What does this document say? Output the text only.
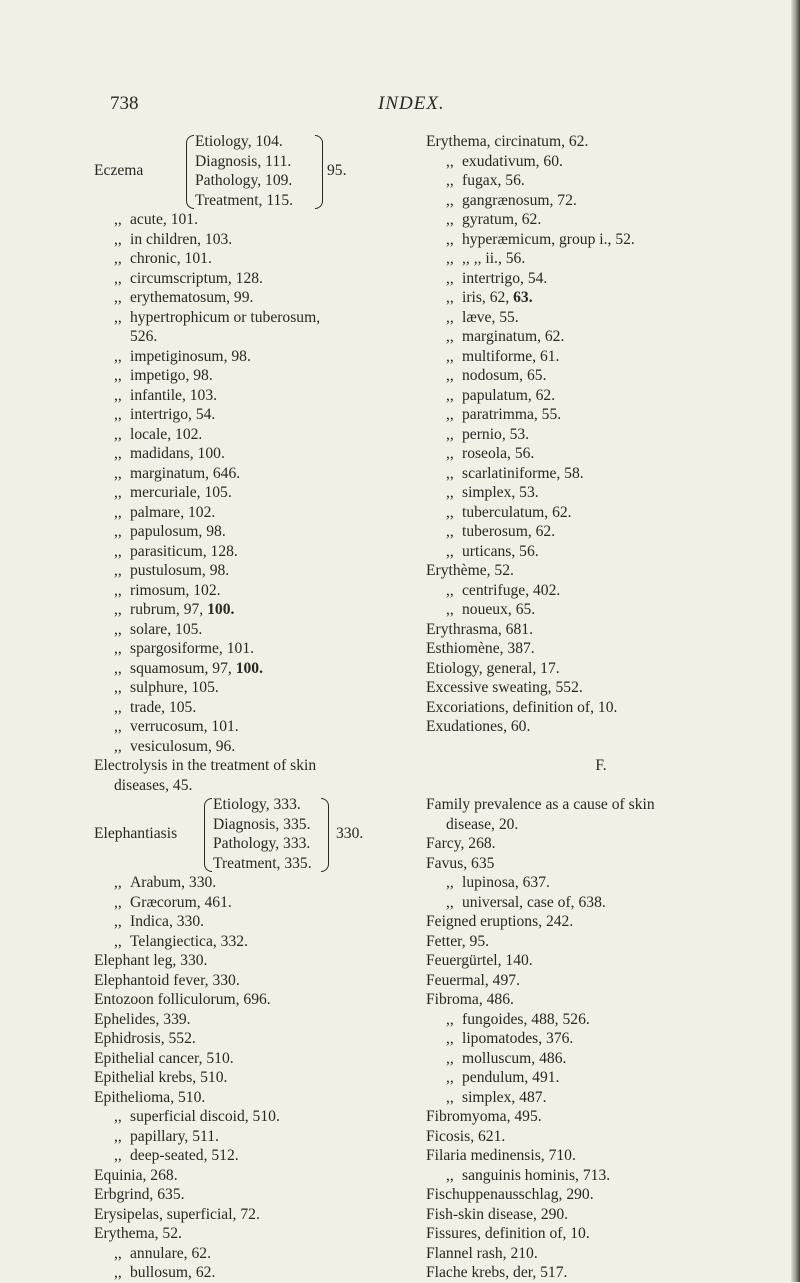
738	INDEX.
Eczema
Etiology, 104.
Diagnosis, 111.
Pathology, 109.
Treatment, 115.
95.
,, acute, 101.
,, in children, 103.
,, chronic, 101.
,, circumscriptum, 128.
,, erythematosum, 99.
,, hypertrophicum or tuberosum,
526.
,, impetiginosum, 98.
,, impetigo, 98.
,, infantile, 103.
,, intertrigo, 54.
,, locale, 102.
,, madidans, 100.
,, marginatum, 646.
,, mercuriale, 105.
,, palmare, 102.
,, papulosum, 98.
,, parasiticum, 128.
,, pustulosum, 98.
,, rimosum, 102.
,, rubrum, 97, 100.
,, solare, 105.
,, spargosiforme, 101.
,, squamosum, 97, 100.
,, sulphure, 105.
,, trade, 105.
,, verrucosum, 101.
,, vesiculosum, 96.
Electrolysis in the treatment of skin
diseases, 45.
Elephantiasis
Etiology, 333.
Diagnosis, 335.
Pathology, 333.
Treatment, 335.
330.
,, Arabum, 330.
,, Græcorum, 461.
,, Indica, 330.
,, Telangiectica, 332.
Elephant leg, 330.
Elephantoid fever, 330.
Entozoon folliculorum, 696.
Ephelides, 339.
Ephidrosis, 552.
Epithelial cancer, 510.
Epithelial krebs, 510.
Epithelioma, 510.
,, superficial discoid, 510.
,, papillary, 511.
,, deep-seated, 512.
Equinia, 268.
Erbgrind, 635.
Erysipelas, superficial, 72.
Erythema, 52.
,, annulare, 62.
,, bullosum, 62.
Erythema, circinatum, 62.
,, exudativum, 60.
,, fugax, 56.
,, gangrænosum, 72.
,, gyratum, 62.
,, hyperæmicum, group i., 52.
,, ,, ,, ii., 56.
,, intertrigo, 54.
,, iris, 62, 63.
,, læve, 55.
,, marginatum, 62.
,, multiforme, 61.
,, nodosum, 65.
,, papulatum, 62.
,, paratrimma, 55.
,, pernio, 53.
,, roseola, 56.
,, scarlatiniforme, 58.
,, simplex, 53.
,, tuberculatum, 62.
,, tuberosum, 62.
,, urticans, 56.
Erythème, 52.
,, centrifuge, 402.
,, noueux, 65.
Erythrasma, 681.
Esthiomène, 387.
Etiology, general, 17.
Excessive sweating, 552.
Excoriations, definition of, 10.
Exudationes, 60.
F.
Family prevalence as a cause of skin
disease, 20.
Farcy, 268.
Favus, 635
,, lupinosa, 637.
,, universal, case of, 638.
Feigned eruptions, 242.
Fetter, 95.
Feuergürtel, 140.
Feuermal, 497.
Fibroma, 486.
,, fungoides, 488, 526.
,, lipomatodes, 376.
,, molluscum, 486.
,, pendulum, 491.
,, simplex, 487.
Fibromyoma, 495.
Ficosis, 621.
Filaria medinensis, 710.
,, sanguinis hominis, 713.
Fischuppenausschlag, 290.
Fish-skin disease, 290.
Fissures, definition of, 10.
Flannel rash, 210.
Flache krebs, der, 517.
